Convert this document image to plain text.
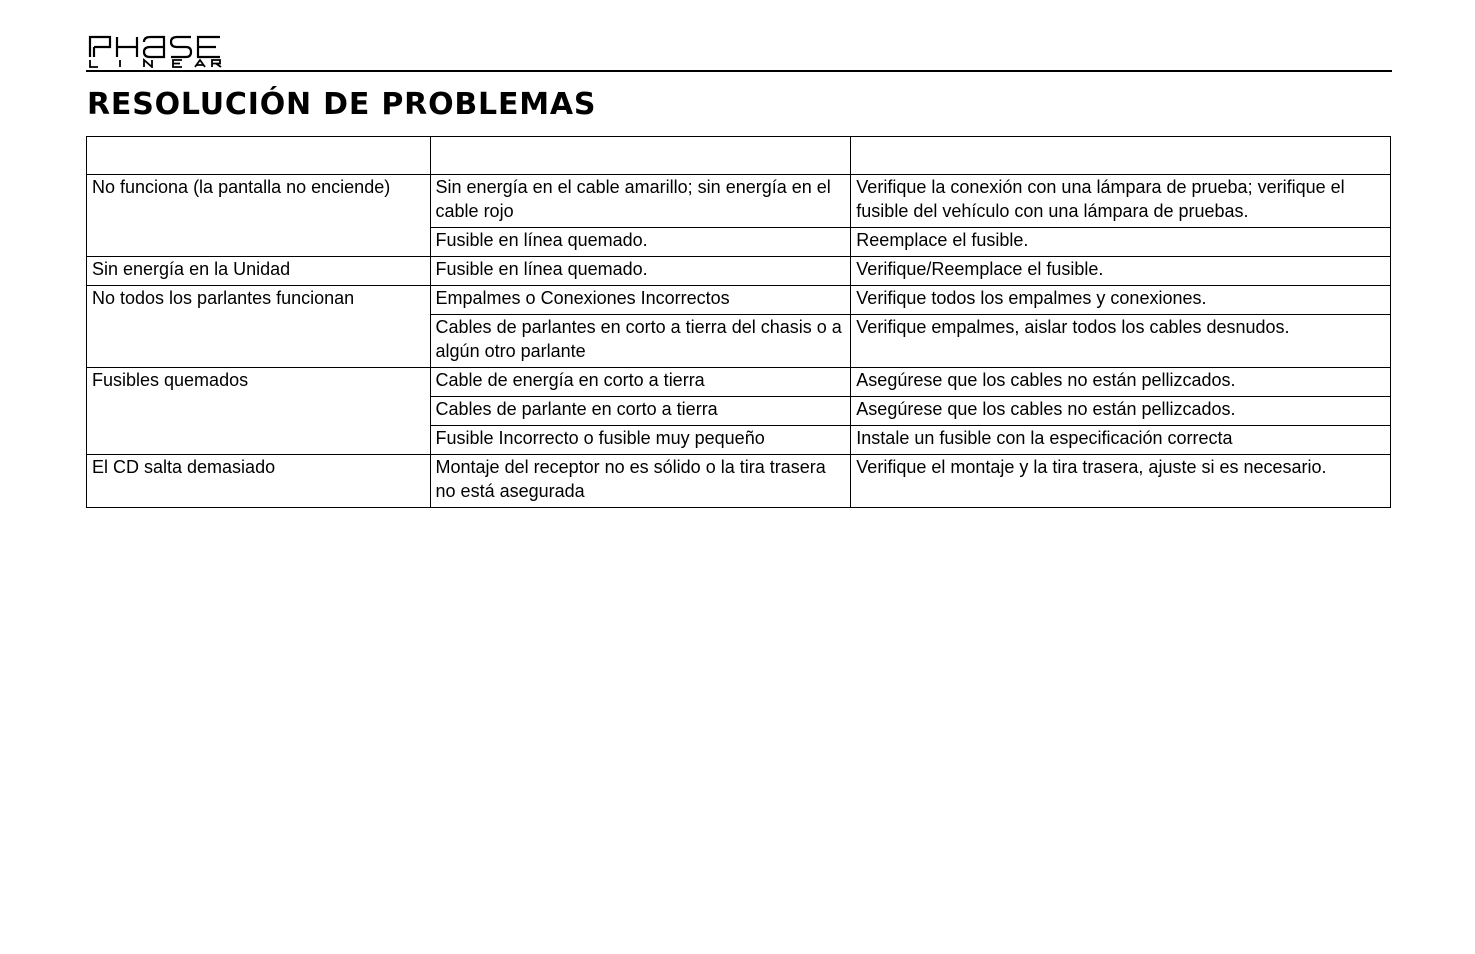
RESOLUCIÓN DE PROBLEMAS

No funciona (la pantalla no enciende)	Sin energía en el cable amarillo; sin energía en el cable rojo	Verifique la conexión con una lámpara de prueba; verifique el fusible del vehículo con una lámpara de pruebas.
	Fusible en línea quemado.	Reemplace el fusible.
Sin energía en la Unidad	Fusible en línea quemado.	Verifique/Reemplace el fusible.
No todos los parlantes funcionan	Empalmes o Conexiones Incorrectos	Verifique todos los empalmes y conexiones.
	Cables de parlantes en corto a tierra del chasis o a algún otro parlante	Verifique empalmes, aislar todos los cables desnudos.
Fusibles quemados	Cable de energía en corto a tierra	Asegúrese que los cables no están pellizcados.
	Cables de parlante en corto a tierra	Asegúrese que los cables no están pellizcados.
	Fusible Incorrecto o fusible muy pequeño	Instale un fusible con la especificación correcta
El CD salta demasiado	Montaje del receptor no es sólido o la tira trasera no está asegurada	Verifique el montaje y la tira trasera, ajuste si es necesario.
